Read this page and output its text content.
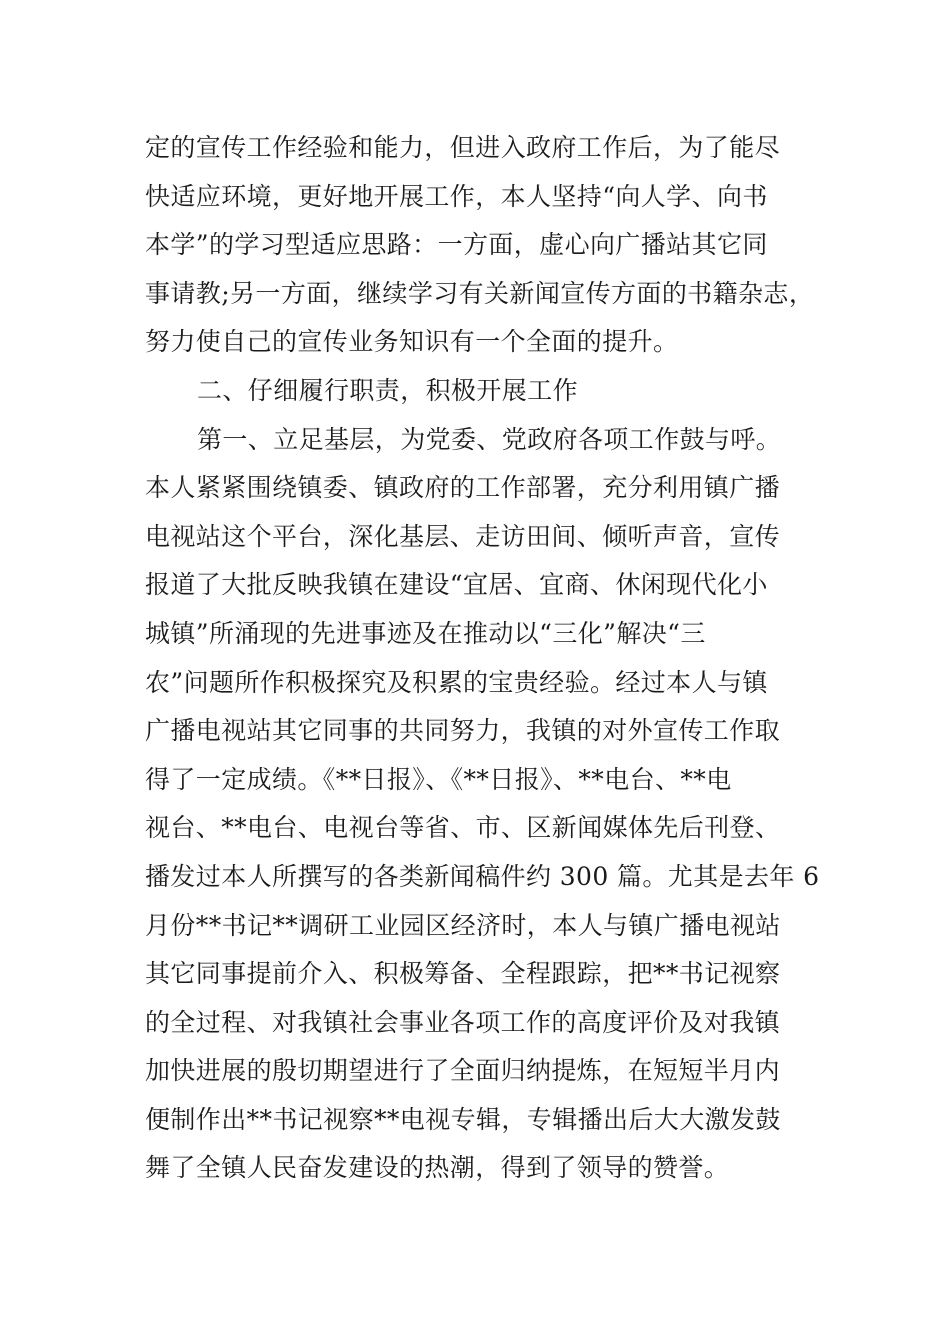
定的宣传工作经验和能力，但进入政府工作后，为了能尽
快适应环境，更好地开展工作，本人坚持“向人学、向书
本学”的学习型适应思路：一方面，虚心向广播站其它同
事请教;另一方面，继续学习有关新闻宣传方面的书籍杂志，
努力使自己的宣传业务知识有一个全面的提升。
二、仔细履行职责，积极开展工作
第一、立足基层，为党委、党政府各项工作鼓与呼。
本人紧紧围绕镇委、镇政府的工作部署，充分利用镇广播
电视站这个平台，深化基层、走访田间、倾听声音，宣传
报道了大批反映我镇在建设“宜居、宜商、休闲现代化小
城镇”所涌现的先进事迹及在推动以“三化”解决“三
农”问题所作积极探究及积累的宝贵经验。经过本人与镇
广播电视站其它同事的共同努力，我镇的对外宣传工作取
得了一定成绩。《**日报》、《**日报》、**电台、**电
视台、**电台、电视台等省、市、区新闻媒体先后刊登、
播发过本人所撰写的各类新闻稿件约 300 篇。尤其是去年 6
月份**书记**调研工业园区经济时，本人与镇广播电视站
其它同事提前介入、积极筹备、全程跟踪，把**书记视察
的全过程、对我镇社会事业各项工作的高度评价及对我镇
加快进展的殷切期望进行了全面归纳提炼，在短短半月内
便制作出**书记视察**电视专辑，专辑播出后大大激发鼓
舞了全镇人民奋发建设的热潮，得到了领导的赞誉。
